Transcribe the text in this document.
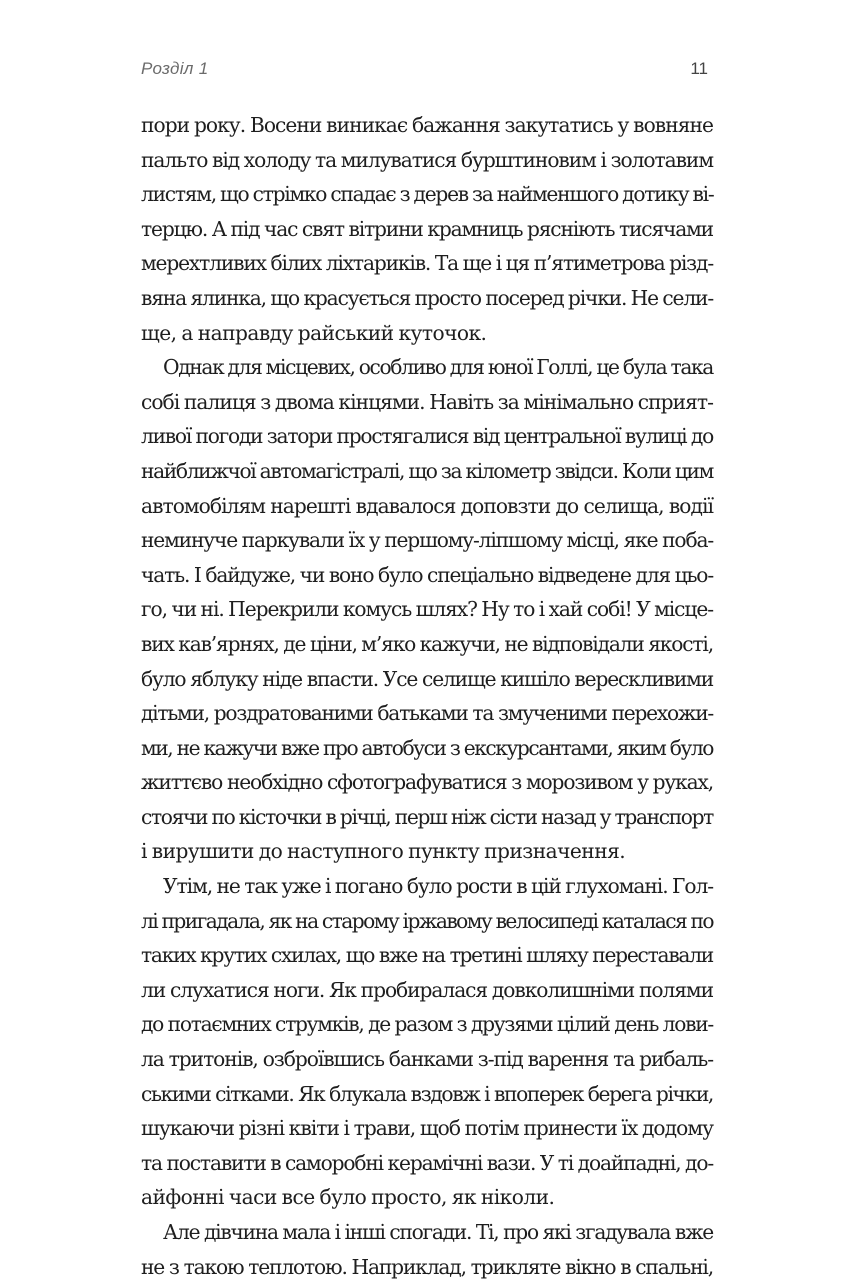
Розділ 1	11
пори року. Восени виникає бажання закутатись у вовняне
пальто від холоду та милуватися бурштиновим і золотавим
листям, що стрімко спадає з дерев за найменшого дотику ві-
терцю. А під час свят вітрини крамниць рясніють тисячами
мерехтливих білих ліхтариків. Та ще і ця п’ятиметрова різд-
вяна ялинка, що красується просто посеред річки. Не сели-
ще, а направду райський куточок.
Однак для місцевих, особливо для юної Голлі, це була така
собі палиця з двома кінцями. Навіть за мінімально сприят-
ливої погоди затори простягалися від центральної вулиці до
найближчої автомагістралі, що за кілометр звідси. Коли цим
автомобілям нарешті вдавалося доповзти до селища, водії
неминуче паркували їх у першому-ліпшому місці, яке поба-
чать. І байдуже, чи воно було спеціально відведене для цьо-
го, чи ні. Перекрили комусь шлях? Ну то і хай собі! У місце-
вих кав’ярнях, де ціни, м’яко кажучи, не відповідали якості,
було яблуку ніде впасти. Усе селище кишіло верескливими
дітьми, роздратованими батьками та змученими перехожи-
ми, не кажучи вже про автобуси з екскурсантами, яким було
життєво необхідно сфотографуватися з морозивом у руках,
стоячи по кісточки в річці, перш ніж сісти назад у транспорт
і вирушити до наступного пункту призначення.
Утім, не так уже і погано було рости в цій глухомані. Гол-
лі пригадала, як на старому іржавому велосипеді каталася по
таких крутих схилах, що вже на третині шляху переставали
ли слухатися ноги. Як пробиралася довколишніми полями
до потаємних струмків, де разом з друзями цілий день лови-
ла тритонів, озброївшись банками з-під варення та рибаль-
ськими сітками. Як блукала вздовж і впоперек берега річки,
шукаючи різні квіти і трави, щоб потім принести їх додому
та поставити в саморобні керамічні вази. У ті доайпадні, до-
айфонні часи все було просто, як ніколи.
Але дівчина мала і інші спогади. Ті, про які згадувала вже
не з такою теплотою. Наприклад, триклятe вікно в спальні,
